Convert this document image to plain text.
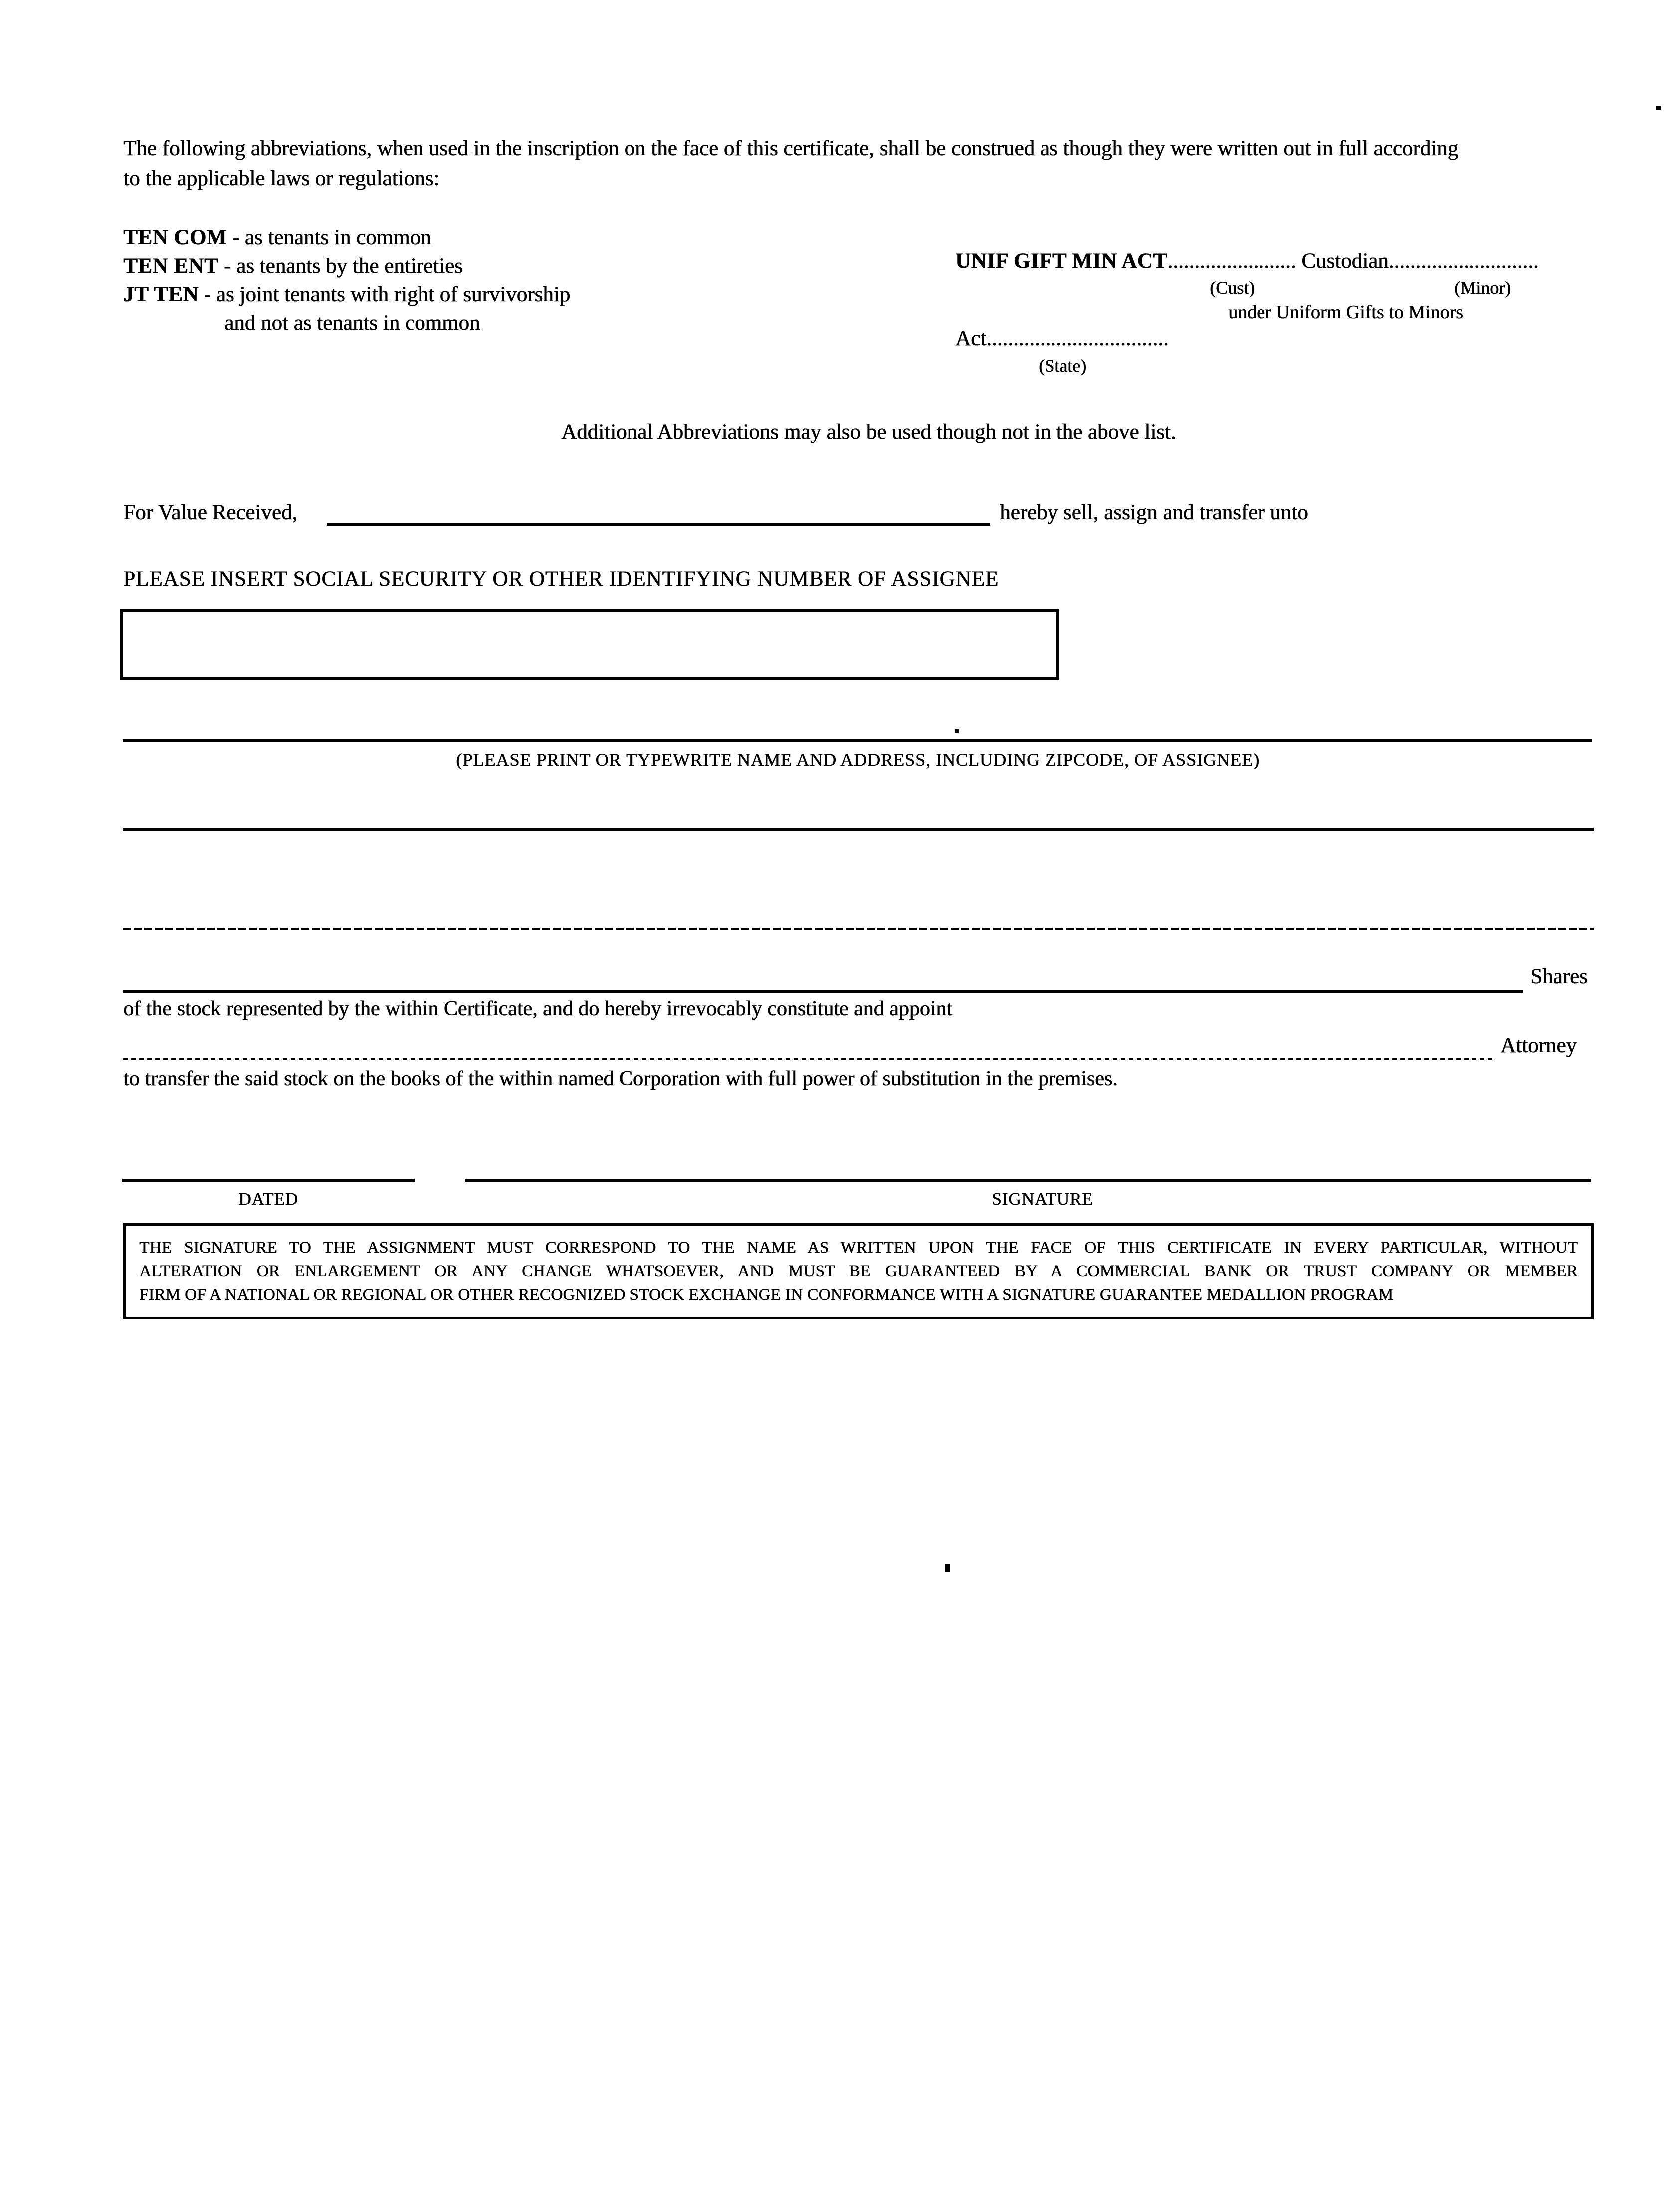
The following abbreviations, when used in the inscription on the face of this certificate, shall be construed as though they were written out in full according
to the applicable laws or regulations:
TEN COM - as tenants in common
TEN ENT - as tenants by the entireties
JT TEN - as joint tenants with right of survivorship
and not as tenants in common
UNIF GIFT MIN ACT........................ Custodian............................
(Cust)	(Minor)
under Uniform Gifts to Minors
Act..................................
(State)
Additional Abbreviations may also be used though not in the above list.
For Value Received,	hereby sell, assign and transfer unto
PLEASE INSERT SOCIAL SECURITY OR OTHER IDENTIFYING NUMBER OF ASSIGNEE
(PLEASE PRINT OR TYPEWRITE NAME AND ADDRESS, INCLUDING ZIPCODE, OF ASSIGNEE)
Shares
of the stock represented by the within Certificate, and do hereby irrevocably constitute and appoint
Attorney
to transfer the said stock on the books of the within named Corporation with full power of substitution in the premises.
DATED	SIGNATURE
THE SIGNATURE TO THE ASSIGNMENT MUST CORRESPOND TO THE NAME AS WRITTEN UPON THE FACE OF THIS CERTIFICATE IN EVERY PARTICULAR, WITHOUT
ALTERATION OR ENLARGEMENT OR ANY CHANGE WHATSOEVER, AND MUST BE GUARANTEED BY A COMMERCIAL BANK OR TRUST COMPANY OR MEMBER
FIRM OF A NATIONAL OR REGIONAL OR OTHER RECOGNIZED STOCK EXCHANGE IN CONFORMANCE WITH A SIGNATURE GUARANTEE MEDALLION PROGRAM
